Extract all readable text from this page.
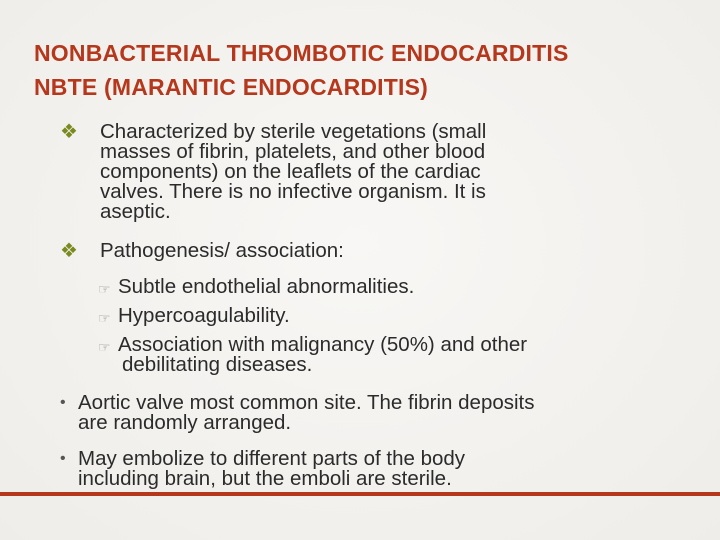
NONBACTERIAL THROMBOTIC ENDOCARDITIS
NBTE (MARANTIC ENDOCARDITIS)
❖ Characterized by sterile vegetations (small
masses of fibrin, platelets, and other blood
components) on the leaflets of the cardiac
valves. There is no infective organism. It is
aseptic.
❖ Pathogenesis/ association:
☞ Subtle endothelial abnormalities.
☞ Hypercoagulability.
☞ Association with malignancy (50%) and other
debilitating diseases.
• Aortic valve most common site. The fibrin deposits
are randomly arranged.
• May embolize to different parts of the body
including brain, but the emboli are sterile.
